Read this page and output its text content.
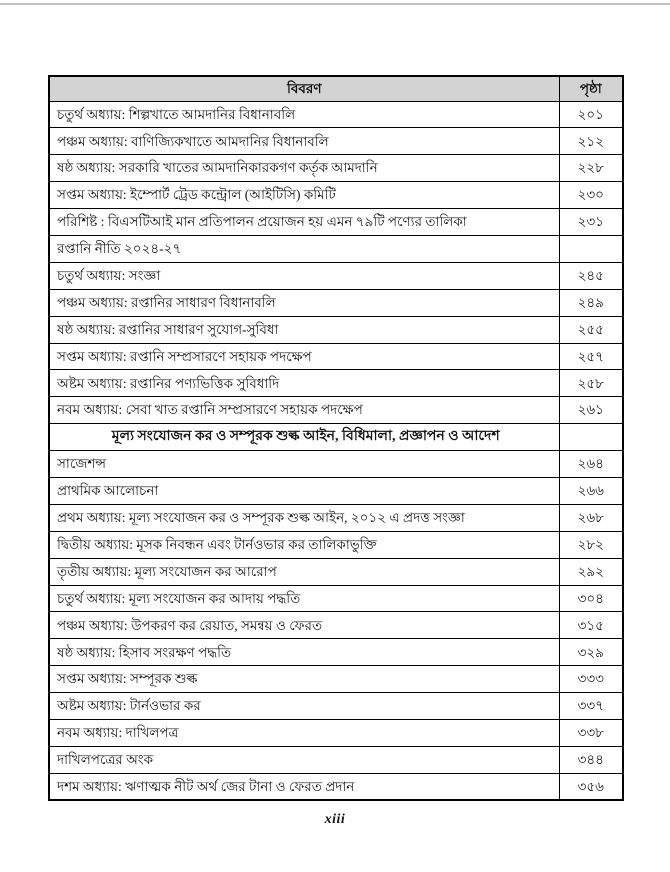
বিবরণ	পৃষ্ঠা
চতুর্থ অধ্যায়: শিল্পখাতে আমদানির বিধানাবলি	২০১
পঞ্চম অধ্যায়: বাণিজ্যিকখাতে আমদানির বিধানাবলি	২১২
ষষ্ঠ অধ্যায়: সরকারি খাতের আমদানিকারকগণ কর্তৃক আমদানি	২২৮
সপ্তম অধ্যায়: ইম্পোর্ট ট্রেড কন্ট্রোল (আইটিসি) কমিটি	২৩০
পরিশিষ্ট : বিএসটিআই মান প্রতিপালন প্রয়োজন হয় এমন ৭৯টি পণ্যের তালিকা	২৩১
রপ্তানি নীতি ২০২৪-২৭	
চতুর্থ অধ্যায়: সংজ্ঞা	২৪৫
পঞ্চম অধ্যায়: রপ্তানির সাধারণ বিধানাবলি	২৪৯
ষষ্ঠ অধ্যায়: রপ্তানির সাধারণ সুযোগ-সুবিধা	২৫৫
সপ্তম অধ্যায়: রপ্তানি সম্প্রসারণে সহায়ক পদক্ষেপ	২৫৭
অষ্টম অধ্যায়: রপ্তানির পণ্যভিত্তিক সুবিধাদি	২৫৮
নবম অধ্যায়: সেবা খাত রপ্তানি সম্প্রসারণে সহায়ক পদক্ষেপ	২৬১
মূল্য সংযোজন কর ও সম্পূরক শুল্ক আইন, বিধিমালা, প্রজ্ঞাপন ও আদেশ	
সাজেশন্স	২৬৪
প্রাথমিক আলোচনা	২৬৬
প্রথম অধ্যায়: মূল্য সংযোজন কর ও সম্পূরক শুল্ক আইন, ২০১২ এ প্রদত্ত সংজ্ঞা	২৬৮
দ্বিতীয় অধ্যায়: মূসক নিবন্ধন এবং টার্নওভার কর তালিকাভুক্তি	২৮২
তৃতীয় অধ্যায়: মূল্য সংযোজন কর আরোপ	২৯২
চতুর্থ অধ্যায়: মূল্য সংযোজন কর আদায় পদ্ধতি	৩০৪
পঞ্চম অধ্যায়: উপকরণ কর রেয়াত, সমন্বয় ও ফেরত	৩১৫
ষষ্ঠ অধ্যায়: হিসাব সংরক্ষণ পদ্ধতি	৩২৯
সপ্তম অধ্যায়: সম্পূরক শুল্ক	৩৩৩
অষ্টম অধ্যায়: টার্নওভার কর	৩৩৭
নবম অধ্যায়: দাখিলপত্র	৩৩৮
দাখিলপত্রের অংক	৩৪৪
দশম অধ্যায়: ঋণাত্মক নীট অর্থ জের টানা ও ফেরত প্রদান	৩৫৬
xiii
